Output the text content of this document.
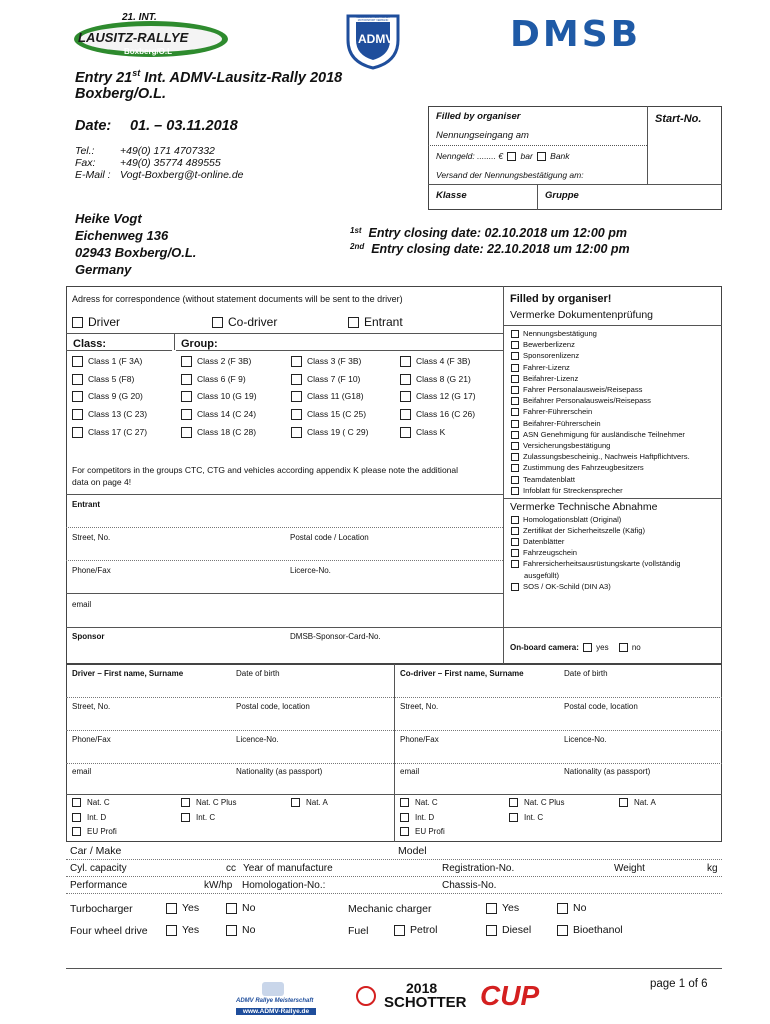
21. INT.
LAUSITZ-RALLYE
Boxberg/O.L
ADMV
ALLGEMEINER DEUTSCHER MOTORSPORT VERBAND	DMSB
Entry 21st Int. ADMV-Lausitz-Rally 2018
Boxberg/O.L.
Date: 01. – 03.11.2018
Tel.: +49(0) 171 4707332
Fax: +49(0) 35774 489555
E-Mail : Vogt-Boxberg@t-online.de
Filled by organiser
Nennungseingang am
Start-No.
Nenngeld: ........ € bar Bank
Versand der Nennungsbestätigung am:
Klasse	Gruppe
Heike Vogt
Eichenweg 136
02943 Boxberg/O.L.
Germany
$^{1st}$ Entry closing date: 02.10.2018 um 12:00 pm
$^{2nd}$ Entry closing date: 22.10.2018 um 12:00 pm
Adress for correspondence (without statement documents will be sent to the driver)
Driver	Co-driver	Entrant
Class:	Group:
Class 1 (F 3A)	Class 2 (F 3B)	Class 3 (F 3B)	Class 4 (F 3B)
Class 5 (F8)	Class 6 (F 9)	Class 7 (F 10)	Class 8 (G 21)
Class 9 (G 20)	Class 10 (G 19)	Class 11 (G18)	Class 12 (G 17)
Class 13 (C 23)	Class 14 (C 24)	Class 15 (C 25)	Class 16 (C 26)
Class 17 (C 27)	Class 18 (C 28)	Class 19 ( C 29)	Class K
For competitors in the groups CTC, CTG and vehicles according appendix K please note the additional data on page 4!
Entrant
Street, No.	Postal code / Location
Phone/Fax	Licerce-No.
email
Sponsor	DMSB-Sponsor-Card-No.
Filled by organiser!
Vermerke Dokumentenprüfung
Nennungsbestätigung
Bewerberlizenz
Sponsorenlizenz
Fahrer-Lizenz
Beifahrer-Lizenz
Fahrer Personalausweis/Reisepass
Beifahrer Personalausweis/Reisepass
Fahrer-Führerschein
Beifahrer-Führerschein
ASN Genehmigung für ausländische Teilnehmer
Versicherungsbestätigung
Zulassungsbescheinig., Nachweis Haftpflichtvers.
Zustimmung des Fahrzeugbesitzers
Teamdatenblatt
Infoblatt für Streckensprecher
Vermerke Technische Abnahme
Homologationsblatt (Original)
Zertifikat der Sicherheitszelle (Käfig)
Datenblätter
Fahrzeugschein
Fahrersicherheitsausrüstungskarte (vollständig
SOS / OK-Schild (DIN A3)
ausgefüllt)
On-board camera: yes	no
Driver – First name, Surname	Date of birth	Co-driver – First name, Surname	Date of birth
Street, No.	Postal code, location	Street, No.	Postal code, location
Phone/Fax	Licence-No.	Phone/Fax	Licence-No.
email	Nationality (as passport)	email	Nationality (as passport)
Nat. C	Nat. C Plus	Nat. A
Int. D	Int. C
EU Profi
Nat. C	Nat. C Plus	Nat. A
Int. D	Int. C
EU Profi
Car / Make	Model
Cyl. capacity	cc Year of manufacture	Registration-No.	Weight	kg
Performance	kW/hp Homologation-No.:	Chassis-No.
Turbocharger	Yes	No	Mechanic charger	Yes	No
Four wheel drive	Yes	No	Fuel	Petrol	Diesel	Bioethanol
page 1 of 6
ADMV Rallye Meisterschaft
www.ADMV-Rallye.de
2018
SCHOTTER CUP
